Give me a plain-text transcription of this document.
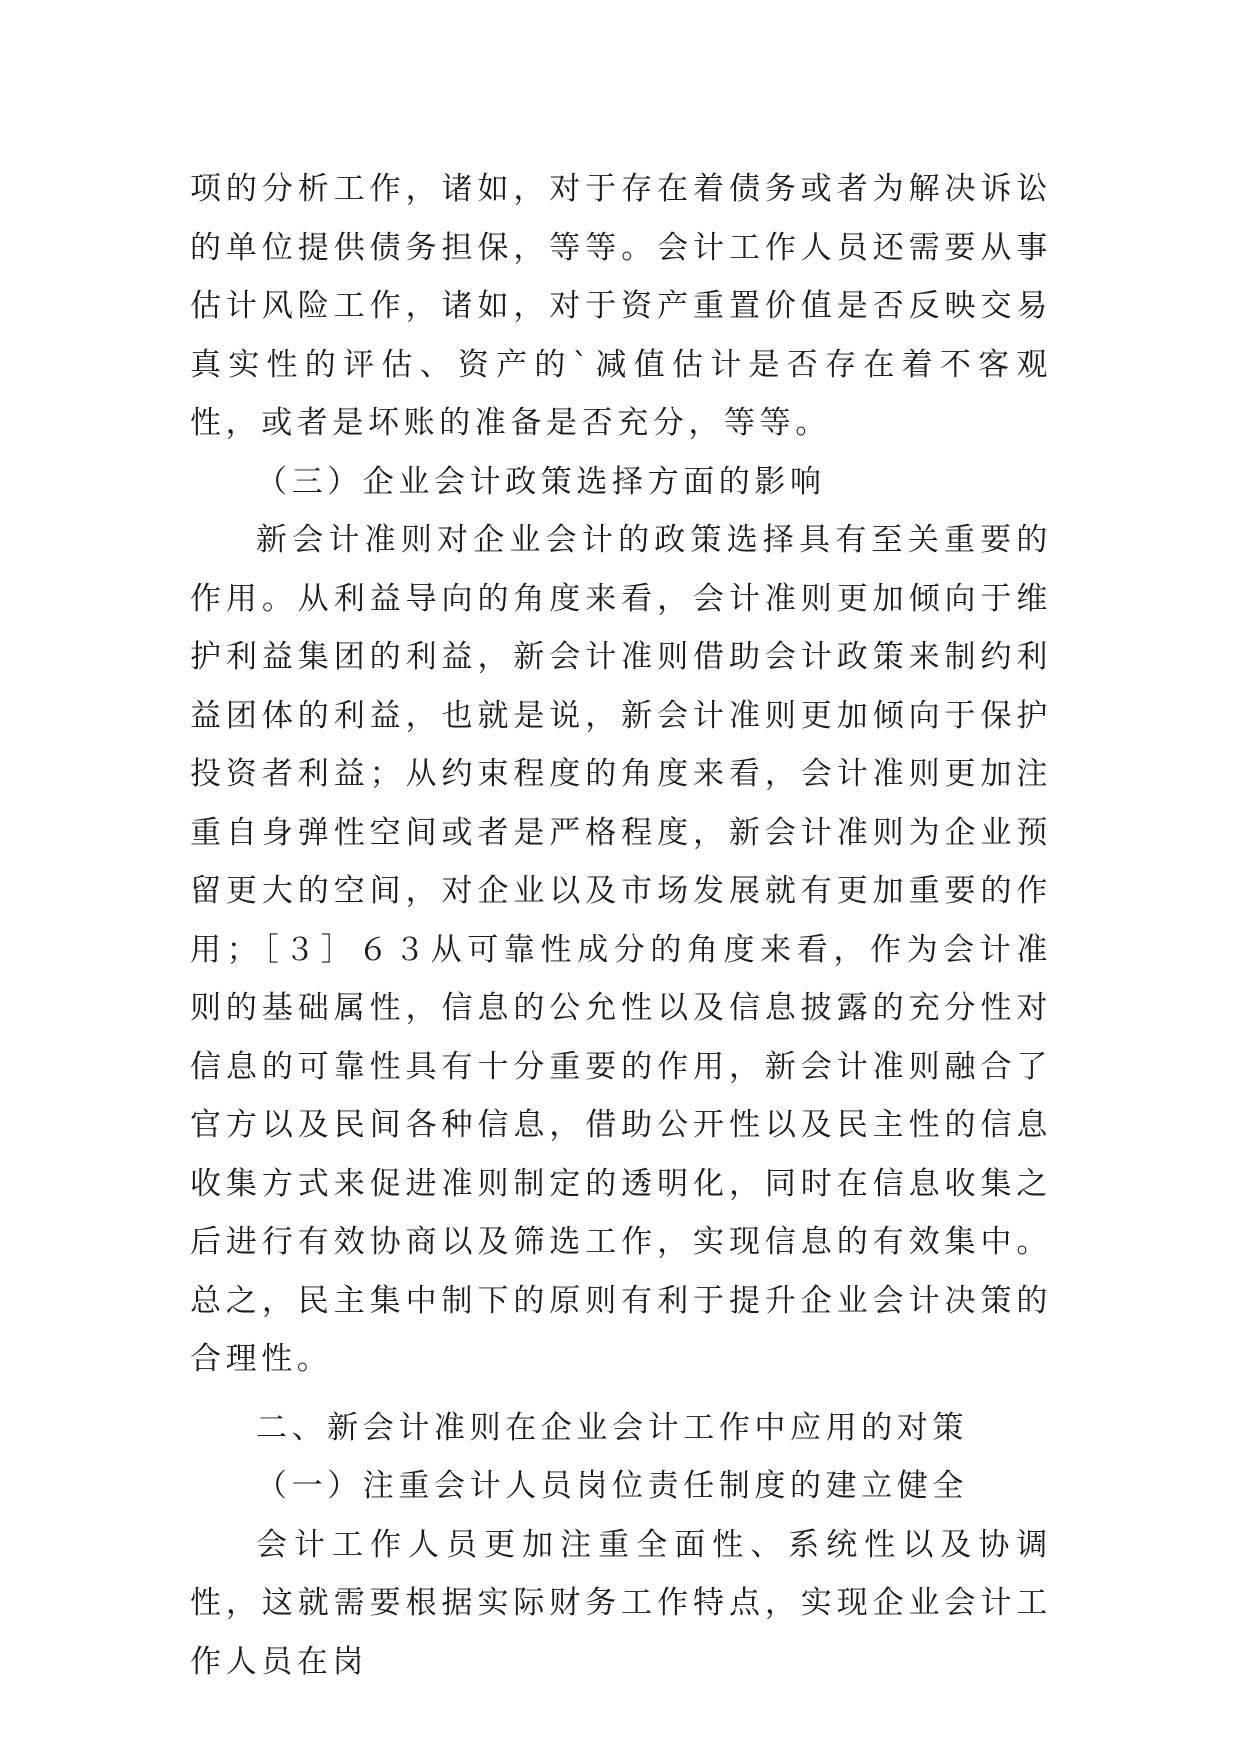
项的分析工作，诸如，对于存在着债务或者为解决诉讼的单位提供债务担保，等等。会计工作人员还需要从事估计风险工作，诸如，对于资产重置价值是否反映交易真实性的评估、资产的`减值估计是否存在着不客观性，或者是坏账的准备是否充分，等等。

（三）企业会计政策选择方面的影响

新会计准则对企业会计的政策选择具有至关重要的作用。从利益导向的角度来看，会计准则更加倾向于维护利益集团的利益，新会计准则借助会计政策来制约利益团体的利益，也就是说，新会计准则更加倾向于保护投资者利益；从约束程度的角度来看，会计准则更加注重自身弹性空间或者是严格程度，新会计准则为企业预留更大的空间，对企业以及市场发展就有更加重要的作用；［３］６３从可靠性成分的角度来看，作为会计准则的基础属性，信息的公允性以及信息披露的充分性对信息的可靠性具有十分重要的作用，新会计准则融合了官方以及民间各种信息，借助公开性以及民主性的信息收集方式来促进准则制定的透明化，同时在信息收集之后进行有效协商以及筛选工作，实现信息的有效集中。总之，民主集中制下的原则有利于提升企业会计决策的合理性。

二、新会计准则在企业会计工作中应用的对策

（一）注重会计人员岗位责任制度的建立健全

会计工作人员更加注重全面性、系统性以及协调性，这就需要根据实际财务工作特点，实现企业会计工作人员在岗
